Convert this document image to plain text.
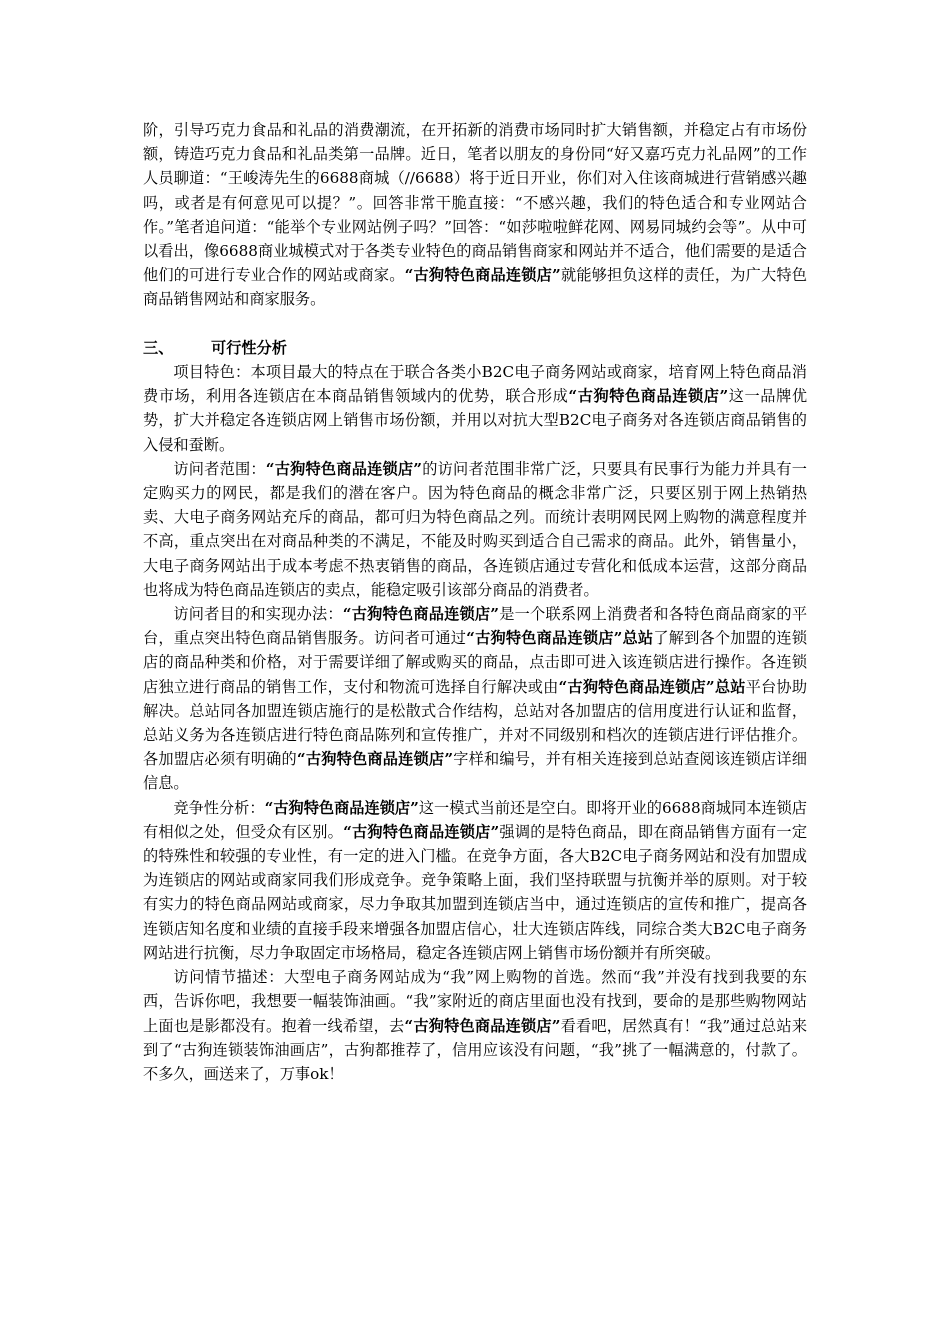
阶，引导巧克力食品和礼品的消费潮流，在开拓新的消费市场同时扩大销售额，并稳定占有市场份额，铸造巧克力食品和礼品类第一品牌。近日，笔者以朋友的身份同“好又嘉巧克力礼品网”的工作人员聊道：“王峻涛先生的6688商城（//6688）将于近日开业，你们对入住该商城进行营销感兴趣吗，或者是有何意见可以提？”。回答非常干脆直接：“不感兴趣，我们的特色适合和专业网站合作。”笔者追问道：“能举个专业网站例子吗？”回答：“如莎啦啦鲜花网、网易同城约会等”。从中可以看出，像6688商业城模式对于各类专业特色的商品销售商家和网站并不适合，他们需要的是适合他们的可进行专业合作的网站或商家。“古狗特色商品连锁店”就能够担负这样的责任，为广大特色商品销售网站和商家服务。

三、 可行性分析

项目特色：本项目最大的特点在于联合各类小B2C电子商务网站或商家，培育网上特色商品消费市场，利用各连锁店在本商品销售领域内的优势，联合形成“古狗特色商品连锁店”这一品牌优势，扩大并稳定各连锁店网上销售市场份额，并用以对抗大型B2C电子商务对各连锁店商品销售的入侵和蚕断。

访问者范围：“古狗特色商品连锁店”的访问者范围非常广泛，只要具有民事行为能力并具有一定购买力的网民，都是我们的潜在客户。因为特色商品的概念非常广泛，只要区别于网上热销热卖、大电子商务网站充斥的商品，都可归为特色商品之列。而统计表明网民网上购物的满意程度并不高，重点突出在对商品种类的不满足，不能及时购买到适合自己需求的商品。此外，销售量小，大电子商务网站出于成本考虑不热衷销售的商品，各连锁店通过专营化和低成本运营，这部分商品也将成为特色商品连锁店的卖点，能稳定吸引该部分商品的消费者。

访问者目的和实现办法：“古狗特色商品连锁店”是一个联系网上消费者和各特色商品商家的平台，重点突出特色商品销售服务。访问者可通过“古狗特色商品连锁店”总站了解到各个加盟的连锁店的商品种类和价格，对于需要详细了解或购买的商品，点击即可进入该连锁店进行操作。各连锁店独立进行商品的销售工作，支付和物流可选择自行解决或由“古狗特色商品连锁店”总站平台协助解决。总站同各加盟连锁店施行的是松散式合作结构，总站对各加盟店的信用度进行认证和监督，总站义务为各连锁店进行特色商品陈列和宣传推广，并对不同级别和档次的连锁店进行评估推介。各加盟店必须有明确的“古狗特色商品连锁店”字样和编号，并有相关连接到总站查阅该连锁店详细信息。

竞争性分析：“古狗特色商品连锁店”这一模式当前还是空白。即将开业的6688商城同本连锁店有相似之处，但受众有区别。“古狗特色商品连锁店”强调的是特色商品，即在商品销售方面有一定的特殊性和较强的专业性，有一定的进入门槛。在竞争方面，各大B2C电子商务网站和没有加盟成为连锁店的网站或商家同我们形成竞争。竞争策略上面，我们坚持联盟与抗衡并举的原则。对于较有实力的特色商品网站或商家，尽力争取其加盟到连锁店当中，通过连锁店的宣传和推广，提高各连锁店知名度和业绩的直接手段来增强各加盟店信心，壮大连锁店阵线，同综合类大B2C电子商务网站进行抗衡，尽力争取固定市场格局，稳定各连锁店网上销售市场份额并有所突破。

访问情节描述：大型电子商务网站成为“我”网上购物的首选。然而“我”并没有找到我要的东西，告诉你吧，我想要一幅装饰油画。“我”家附近的商店里面也没有找到，要命的是那些购物网站上面也是影都没有。抱着一线希望，去“古狗特色商品连锁店”看看吧，居然真有！“我”通过总站来到了“古狗连锁装饰油画店”，古狗都推荐了，信用应该没有问题，“我”挑了一幅满意的，付款了。不多久，画送来了，万事ok！
